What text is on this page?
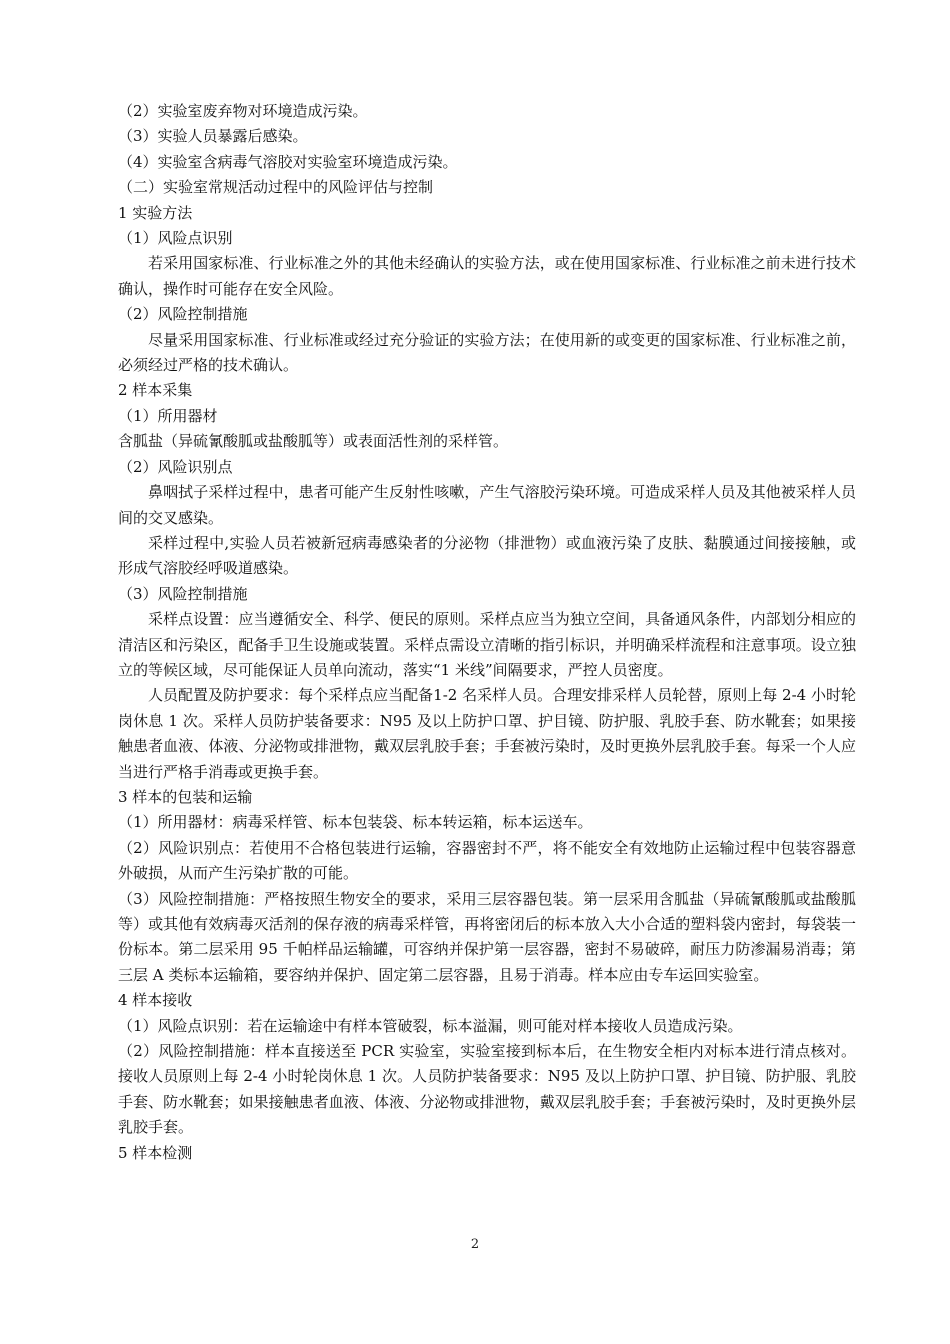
（2）实验室废弃物对环境造成污染。

（3）实验人员暴露后感染。

（4）实验室含病毒气溶胶对实验室环境造成污染。

（二）实验室常规活动过程中的风险评估与控制

1 实验方法

（1）风险点识别

若采用国家标准、行业标准之外的其他未经确认的实验方法，或在使用国家标准、行业标准之前未进行技术确认，操作时可能存在安全风险。

（2）风险控制措施

尽量采用国家标准、行业标准或经过充分验证的实验方法；在使用新的或变更的国家标准、行业标准之前，必须经过严格的技术确认。

2 样本采集

（1）所用器材

含胍盐（异硫氰酸胍或盐酸胍等）或表面活性剂的采样管。

（2）风险识别点

鼻咽拭子采样过程中，患者可能产生反射性咳嗽，产生气溶胶污染环境。可造成采样人员及其他被采样人员间的交叉感染。

采样过程中,实验人员若被新冠病毒感染者的分泌物（排泄物）或血液污染了皮肤、黏膜通过间接接触，或形成气溶胶经呼吸道感染。

（3）风险控制措施

采样点设置：应当遵循安全、科学、便民的原则。采样点应当为独立空间，具备通风条件，内部划分相应的清洁区和污染区，配备手卫生设施或装置。采样点需设立清晰的指引标识，并明确采样流程和注意事项。设立独立的等候区域，尽可能保证人员单向流动，落实“1 米线”间隔要求，严控人员密度。

人员配置及防护要求：每个采样点应当配备1-2 名采样人员。合理安排采样人员轮替，原则上每 2-4 小时轮岗休息 1 次。采样人员防护装备要求：N95 及以上防护口罩、护目镜、防护服、乳胶手套、防水靴套；如果接触患者血液、体液、分泌物或排泄物，戴双层乳胶手套；手套被污染时，及时更换外层乳胶手套。每采一个人应当进行严格手消毒或更换手套。

3 样本的包装和运输

（1）所用器材：病毒采样管、标本包装袋、标本转运箱，标本运送车。

（2）风险识别点：若使用不合格包装进行运输，容器密封不严，将不能安全有效地防止运输过程中包装容器意外破损，从而产生污染扩散的可能。

（3）风险控制措施：严格按照生物安全的要求，采用三层容器包装。第一层采用含胍盐（异硫氰酸胍或盐酸胍等）或其他有效病毒灭活剂的保存液的病毒采样管，再将密闭后的标本放入大小合适的塑料袋内密封，每袋装一份标本。第二层采用 95 千帕样品运输罐，可容纳并保护第一层容器，密封不易破碎，耐压力防渗漏易消毒；第三层 A 类标本运输箱，要容纳并保护、固定第二层容器，且易于消毒。样本应由专车运回实验室。

4 样本接收

（1）风险点识别：若在运输途中有样本管破裂，标本溢漏，则可能对样本接收人员造成污染。

（2）风险控制措施：样本直接送至 PCR 实验室，实验室接到标本后，在生物安全柜内对标本进行清点核对。接收人员原则上每 2-4 小时轮岗休息 1 次。人员防护装备要求：N95 及以上防护口罩、护目镜、防护服、乳胶手套、防水靴套；如果接触患者血液、体液、分泌物或排泄物，戴双层乳胶手套；手套被污染时，及时更换外层乳胶手套。

5 样本检测

2
